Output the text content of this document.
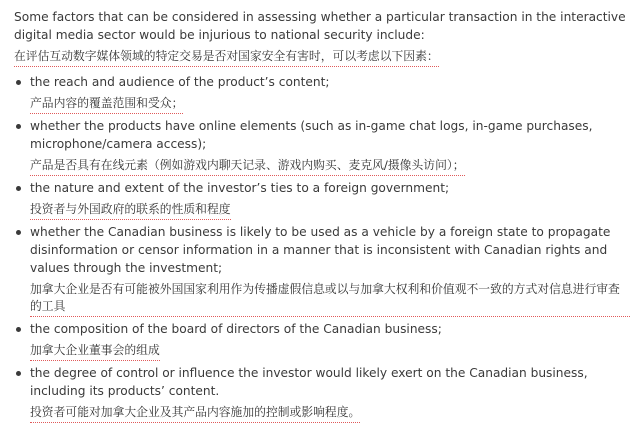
Some factors that can be considered in assessing whether a particular transaction in the interactive digital media sector would be injurious to national security include:

在评估互动数字媒体领域的特定交易是否对国家安全有害时，可以考虑以下因素：

the reach and audience of the product’s content;

产品内容的覆盖范围和受众；

whether the products have online elements (such as in-game chat logs, in-game purchases, microphone/camera access);

产品是否具有在线元素（例如游戏内聊天记录、游戏内购买、麦克风/摄像头访问）；

the nature and extent of the investor’s ties to a foreign government;

投资者与外国政府的联系的性质和程度

whether the Canadian business is likely to be used as a vehicle by a foreign state to propagate disinformation or censor information in a manner that is inconsistent with Canadian rights and values through the investment;

加拿大企业是否有可能被外国国家利用作为传播虚假信息或以与加拿大权利和价值观不一致的方式对信息进行审查的工具

the composition of the board of directors of the Canadian business;

加拿大企业董事会的组成

the degree of control or influence the investor would likely exert on the Canadian business, including its products’ content.

投资者可能对加拿大企业及其产品内容施加的控制或影响程度。
